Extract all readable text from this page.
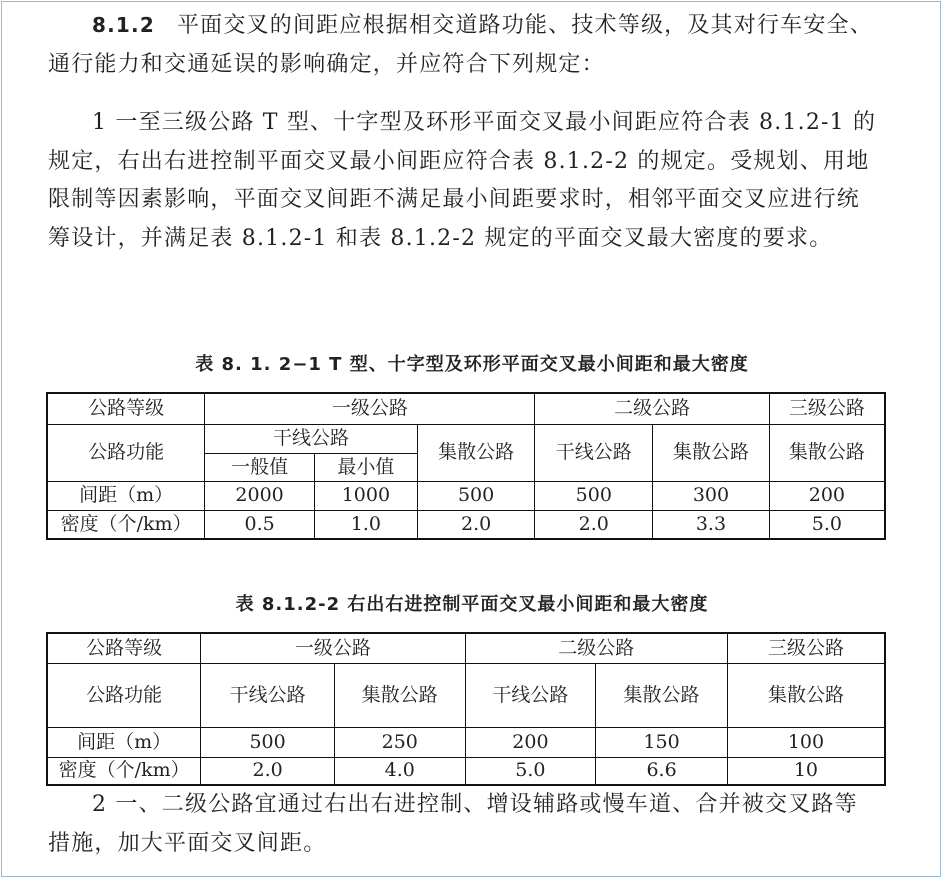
8.1.2 平面交叉的间距应根据相交道路功能、技术等级，及其对行车安全、通行能力和交通延误的影响确定，并应符合下列规定：
1 一至三级公路 T 型、十字型及环形平面交叉最小间距应符合表 8.1.2-1 的规定，右出右进控制平面交叉最小间距应符合表 8.1.2-2 的规定。受规划、用地限制等因素影响，平面交叉间距不满足最小间距要求时，相邻平面交叉应进行统筹设计，并满足表 8.1.2-1 和表 8.1.2-2 规定的平面交叉最大密度的要求。
表 8. 1. 2−1 T 型、十字型及环形平面交叉最小间距和最大密度
公路等级	一级公路			二级公路		三级公路
公路功能	干线公路		集散公路	干线公路	集散公路	集散公路
	一般值	最小值				
间距（m）	2000	1000	500	500	300	200
密度（个/km）	0.5	1.0	2.0	2.0	3.3	5.0
表 8.1.2-2 右出右进控制平面交叉最小间距和最大密度
公路等级	一级公路		二级公路		三级公路
公路功能	干线公路	集散公路	干线公路	集散公路	集散公路
间距（m）	500	250	200	150	100
密度（个/km）	2.0	4.0	5.0	6.6	10
2 一、二级公路宜通过右出右进控制、增设辅路或慢车道、合并被交叉路等措施，加大平面交叉间距。
